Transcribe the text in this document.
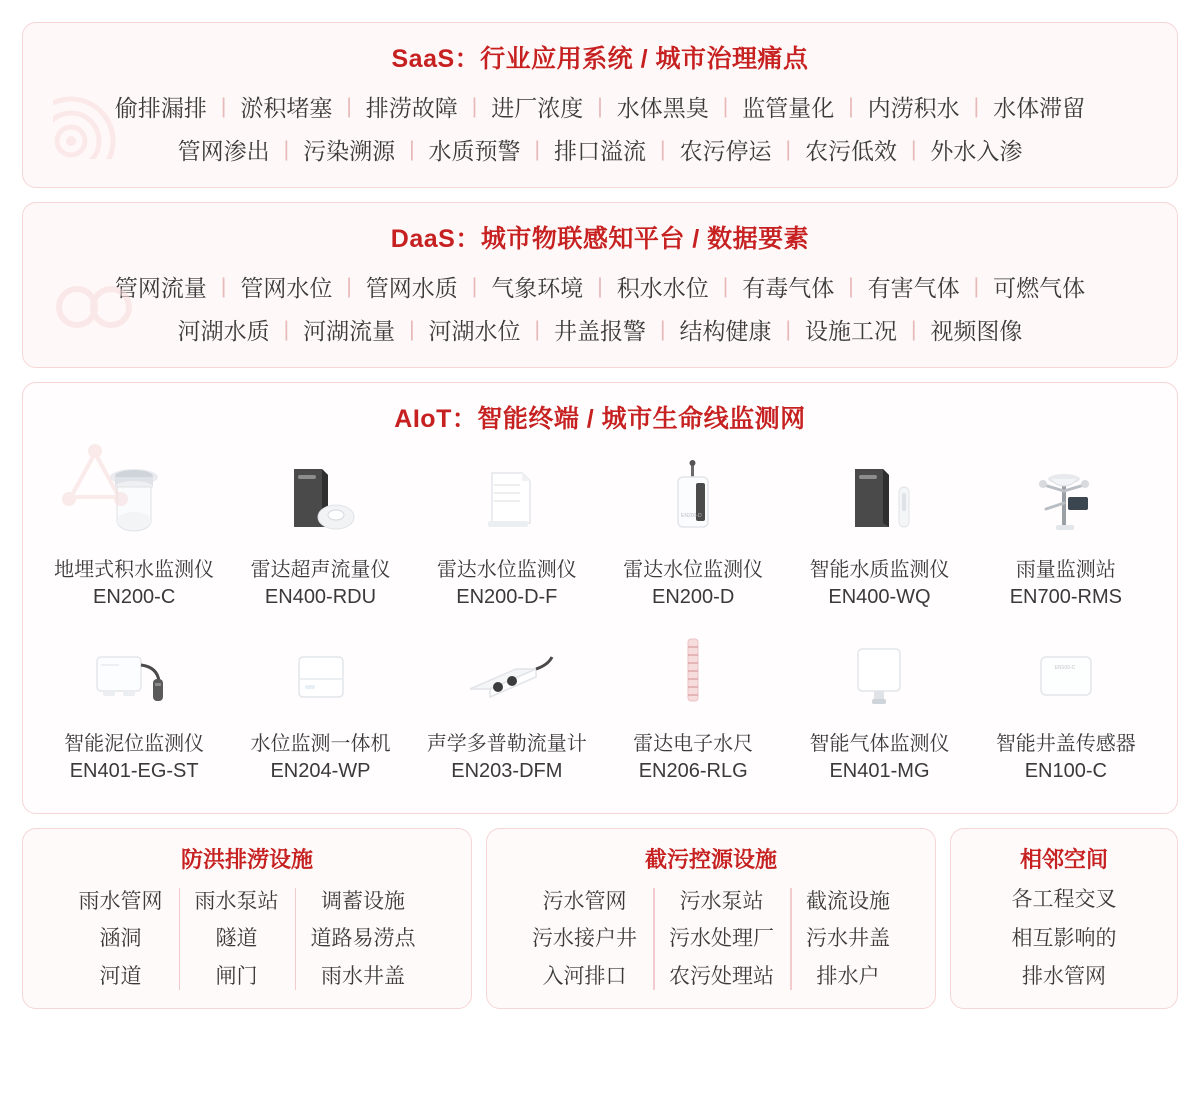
SaaS：行业应用系统 / 城市治理痛点
偷排漏排 | 淤积堵塞 | 排涝故障 | 进厂浓度 | 水体黑臭 | 监管量化 | 内涝积水 | 水体滞留
管网渗出 | 污染溯源 | 水质预警 | 排口溢流 | 农污停运 | 农污低效 | 外水入渗
DaaS：城市物联感知平台 / 数据要素
管网流量 | 管网水位 | 管网水质 | 气象环境 | 积水水位 | 有毒气体 | 有害气体 | 可燃气体
河湖水质 | 河湖流量 | 河湖水位 | 井盖报警 | 结构健康 | 设施工况 | 视频图像
AIoT：智能终端 / 城市生命线监测网
地埋式积水监测仪
EN200-C
雷达超声流量仪
EN400-RDU
雷达水位监测仪
EN200-D-F
EN200-D
雷达水位监测仪
EN200-D
智能水质监测仪
EN400-WQ
雨量监测站
EN700-RMS
智能泥位监测仪
EN401-EG-ST
水位监测一体机
EN204-WP
声学多普勒流量计
EN203-DFM
雷达电子水尺
EN206-RLG
智能气体监测仪
EN401-MG
EN100-C
智能井盖传感器
EN100-C
防洪排涝设施
雨水管网
涵洞
河道
雨水泵站
隧道
闸门
调蓄设施
道路易涝点
雨水井盖
截污控源设施
污水管网
污水接户井
入河排口
污水泵站
污水处理厂
农污处理站
截流设施
污水井盖
排水户
相邻空间
各工程交叉
相互影响的
排水管网
